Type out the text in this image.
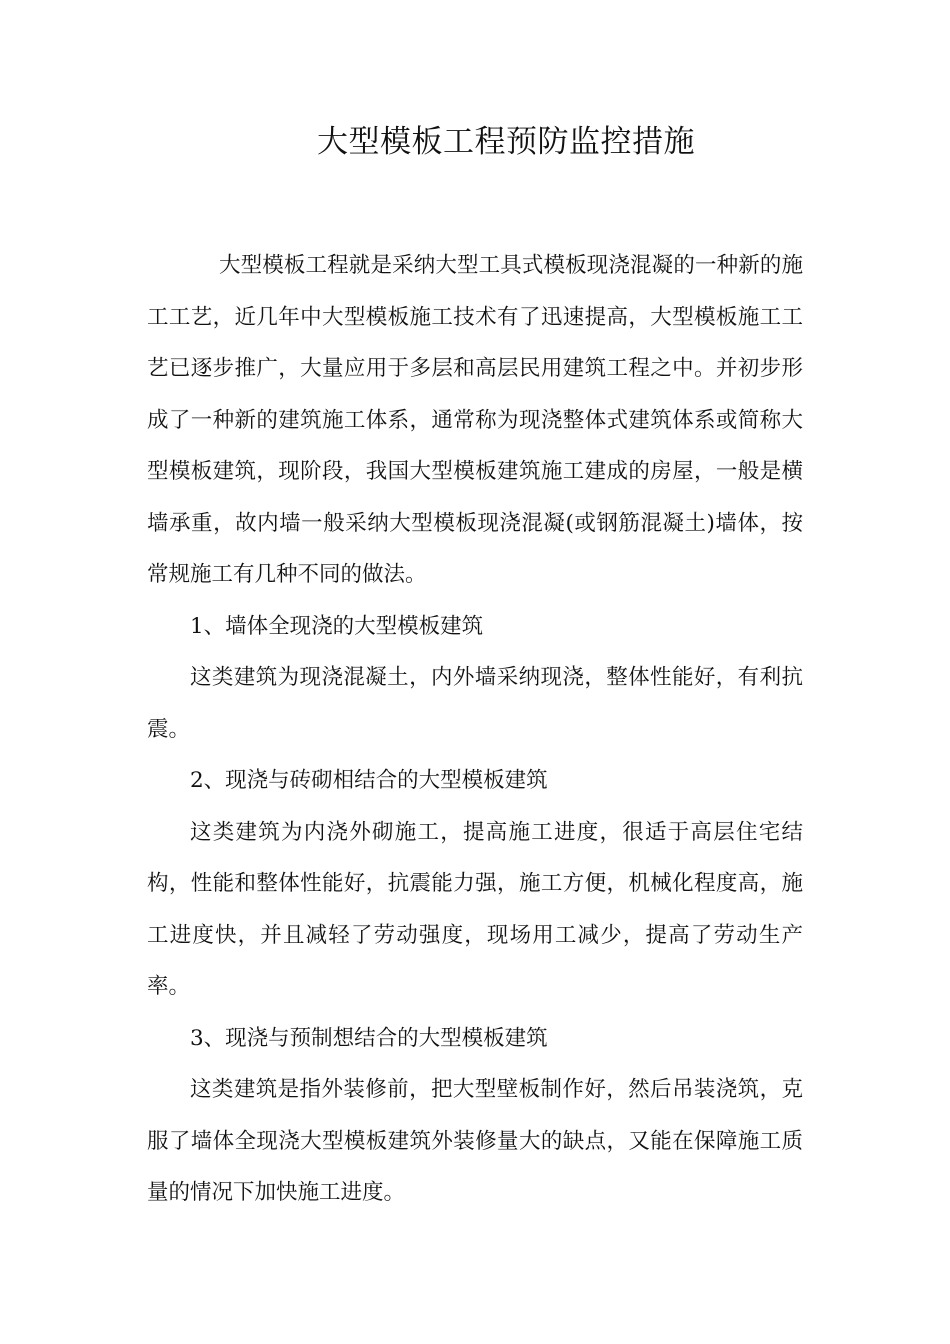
大型模板工程预防监控措施

大型模板工程就是采纳大型工具式模板现浇混凝的一种新的施工工艺，近几年中大型模板施工技术有了迅速提高，大型模板施工工艺已逐步推广，大量应用于多层和高层民用建筑工程之中。并初步形成了一种新的建筑施工体系，通常称为现浇整体式建筑体系或简称大型模板建筑，现阶段，我国大型模板建筑施工建成的房屋，一般是横墙承重，故内墙一般采纳大型模板现浇混凝(或钢筋混凝土)墙体，按常规施工有几种不同的做法。

1、墙体全现浇的大型模板建筑

这类建筑为现浇混凝土，内外墙采纳现浇，整体性能好，有利抗震。

2、现浇与砖砌相结合的大型模板建筑

这类建筑为内浇外砌施工，提高施工进度，很适于高层住宅结构，性能和整体性能好，抗震能力强，施工方便，机械化程度高，施工进度快，并且减轻了劳动强度，现场用工减少，提高了劳动生产率。

3、现浇与预制想结合的大型模板建筑

这类建筑是指外装修前，把大型壁板制作好，然后吊装浇筑，克服了墙体全现浇大型模板建筑外装修量大的缺点，又能在保障施工质量的情况下加快施工进度。
